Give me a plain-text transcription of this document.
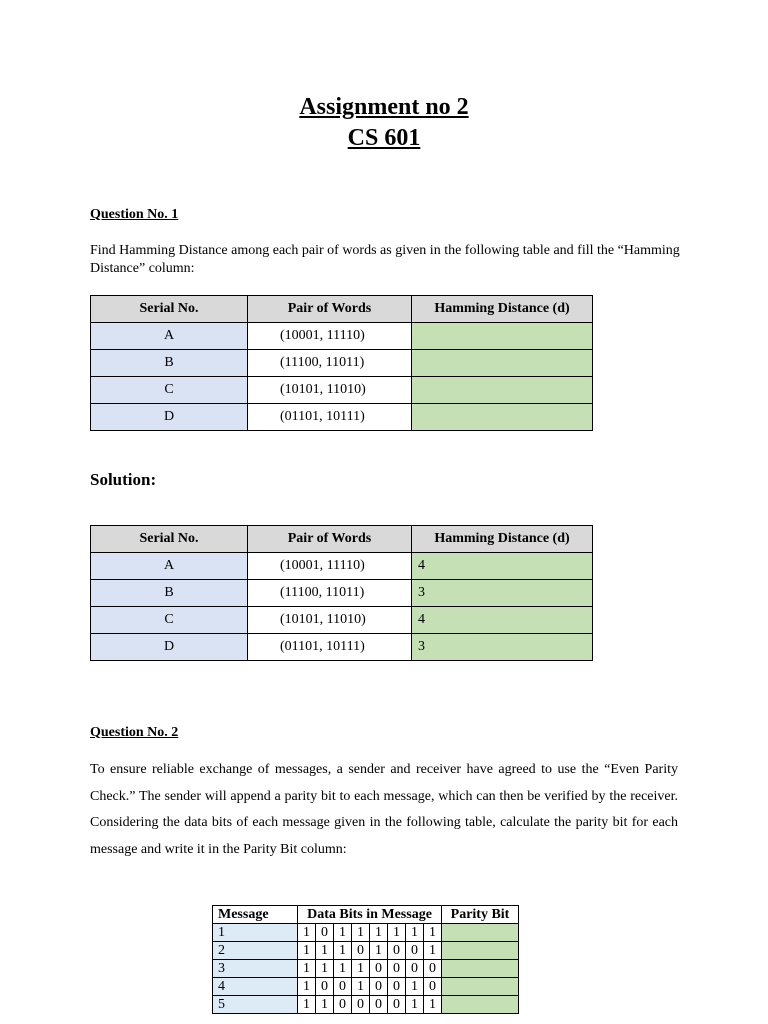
Assignment no 2
CS 601
Question No. 1
Find Hamming Distance among each pair of words as given in the following table and fill the “Hamming Distance” column:
Serial No.	Pair of Words	Hamming Distance (d)
A	(10001, 11110)	
B	(11100, 11011)	
C	(10101, 11010)	
D	(01101, 10111)	
Solution:
Serial No.	Pair of Words	Hamming Distance (d)
A	(10001, 11110)	4
B	(11100, 11011)	3
C	(10101, 11010)	4
D	(01101, 10111)	3
Question No. 2
To ensure reliable exchange of messages, a sender and receiver have agreed to use the “Even Parity Check.” The sender will append a parity bit to each message, which can then be verified by the receiver. Considering the data bits of each message given in the following table, calculate the parity bit for each message and write it in the Parity Bit column:
Message	Data Bits in Message								Parity Bit
1	1	0	1	1	1	1	1	1	
2	1	1	1	0	1	0	0	1	
3	1	1	1	1	0	0	0	0	
4	1	0	0	1	0	0	1	0	
5	1	1	0	0	0	0	1	1	
